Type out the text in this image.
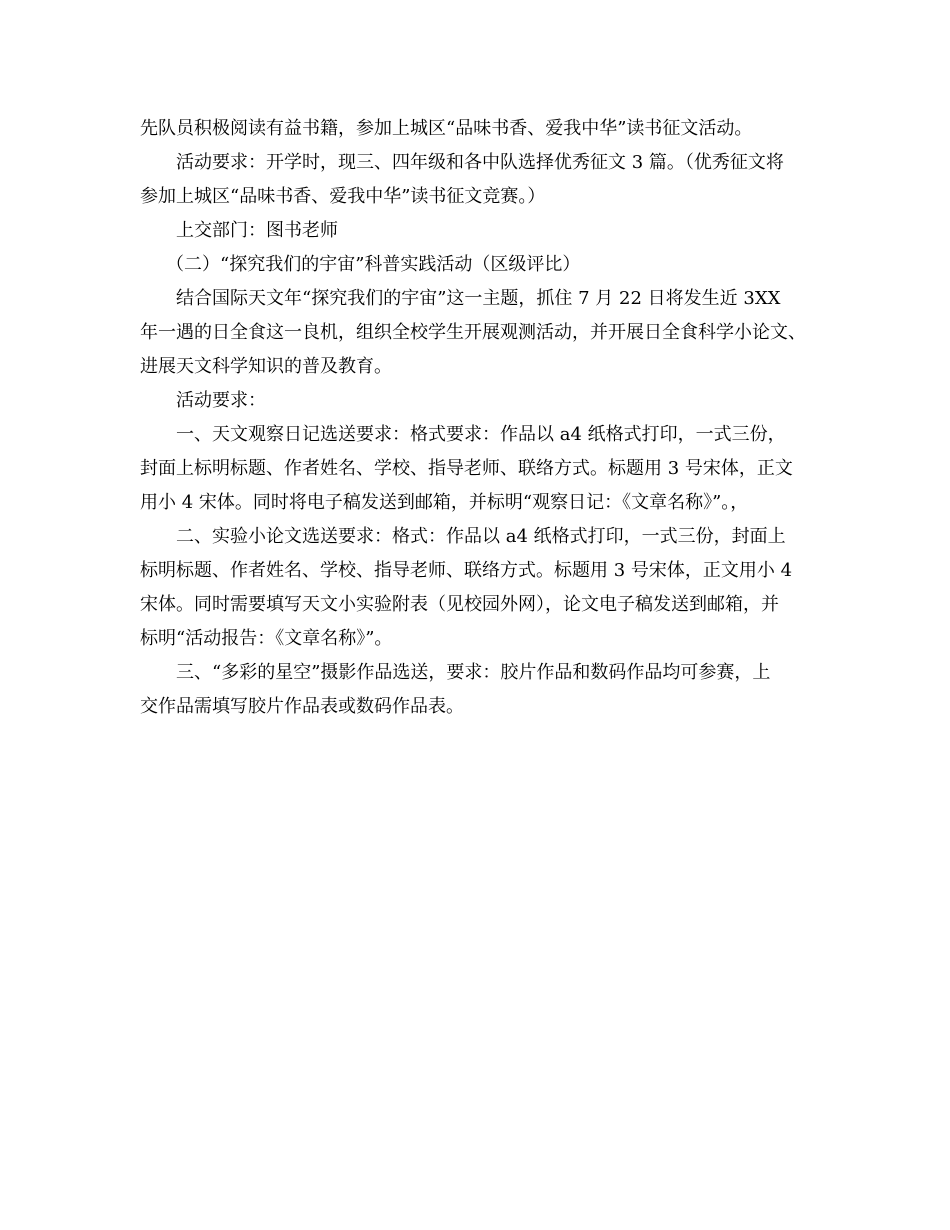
先队员积极阅读有益书籍，参加上城区“品味书香、爱我中华”读书征文活动。
活动要求：开学时，现三、四年级和各中队选择优秀征文 3 篇。（优秀征文将
参加上城区“品味书香、爱我中华”读书征文竞赛。）
上交部门：图书老师
（二）“探究我们的宇宙”科普实践活动（区级评比）
结合国际天文年“探究我们的宇宙”这一主题，抓住 7 月 22 日将发生近 3XX
年一遇的日全食这一良机，组织全校学生开展观测活动，并开展日全食科学小论文、
进展天文科学知识的普及教育。
活动要求：
一、天文观察日记选送要求：格式要求：作品以 a4 纸格式打印，一式三份，
封面上标明标题、作者姓名、学校、指导老师、联络方式。标题用 3 号宋体，正文
用小 4 宋体。同时将电子稿发送到邮箱，并标明“观察日记：《文章名称》”。，
二、实验小论文选送要求：格式：作品以 a4 纸格式打印，一式三份，封面上
标明标题、作者姓名、学校、指导老师、联络方式。标题用 3 号宋体，正文用小 4
宋体。同时需要填写天文小实验附表（见校园外网），论文电子稿发送到邮箱，并
标明“活动报告：《文章名称》”。
三、“多彩的星空”摄影作品选送，要求：胶片作品和数码作品均可参赛，上
交作品需填写胶片作品表或数码作品表。
